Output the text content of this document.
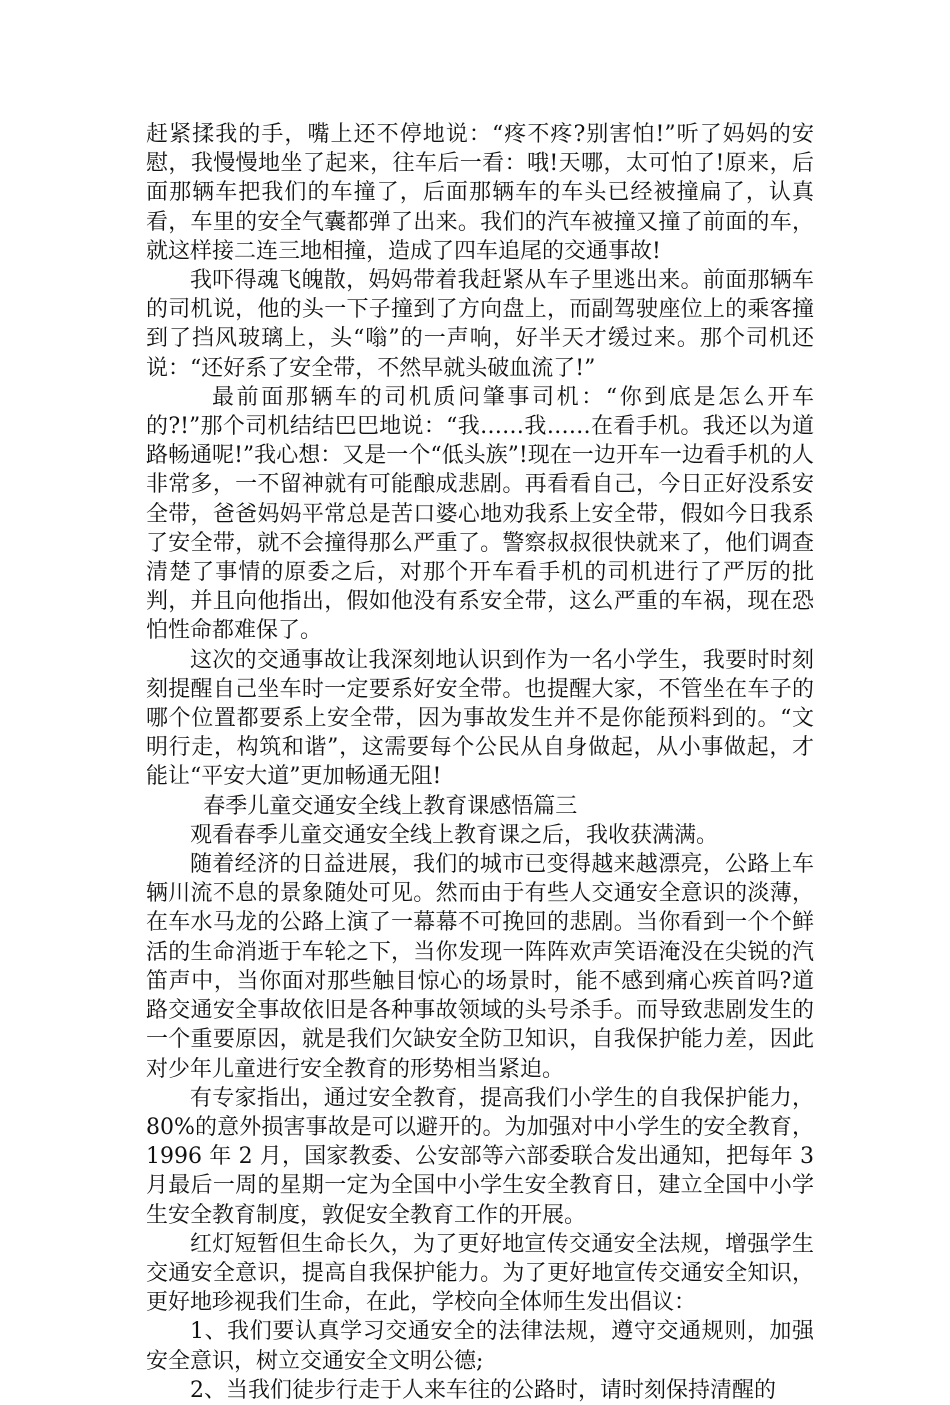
赶紧揉我的手，嘴上还不停地说：“疼不疼?别害怕!”听了妈妈的安慰，我慢慢地坐了起来，往车后一看：哦!天哪，太可怕了!原来，后面那辆车把我们的车撞了，后面那辆车的车头已经被撞扁了，认真看，车里的安全气囊都弹了出来。我们的汽车被撞又撞了前面的车，就这样接二连三地相撞，造成了四车追尾的交通事故!

我吓得魂飞魄散，妈妈带着我赶紧从车子里逃出来。前面那辆车的司机说，他的头一下子撞到了方向盘上，而副驾驶座位上的乘客撞到了挡风玻璃上，头“嗡”的一声响，好半天才缓过来。那个司机还说：“还好系了安全带，不然早就头破血流了!”

最前面那辆车的司机质问肇事司机：“你到底是怎么开车的?!”那个司机结结巴巴地说：“我……我……在看手机。我还以为道路畅通呢!”我心想：又是一个“低头族”!现在一边开车一边看手机的人非常多，一不留神就有可能酿成悲剧。再看看自己，今日正好没系安全带，爸爸妈妈平常总是苦口婆心地劝我系上安全带，假如今日我系了安全带，就不会撞得那么严重了。警察叔叔很快就来了，他们调查清楚了事情的原委之后，对那个开车看手机的司机进行了严厉的批判，并且向他指出，假如他没有系安全带，这么严重的车祸，现在恐怕性命都难保了。

这次的交通事故让我深刻地认识到作为一名小学生，我要时时刻刻提醒自己坐车时一定要系好安全带。也提醒大家，不管坐在车子的哪个位置都要系上安全带，因为事故发生并不是你能预料到的。“文明行走，构筑和谐”，这需要每个公民从自身做起，从小事做起，才能让“平安大道”更加畅通无阻!

春季儿童交通安全线上教育课感悟篇三

观看春季儿童交通安全线上教育课之后，我收获满满。

随着经济的日益进展，我们的城市已变得越来越漂亮，公路上车辆川流不息的景象随处可见。然而由于有些人交通安全意识的淡薄，在车水马龙的公路上演了一幕幕不可挽回的悲剧。当你看到一个个鲜活的生命消逝于车轮之下，当你发现一阵阵欢声笑语淹没在尖锐的汽笛声中，当你面对那些触目惊心的场景时，能不感到痛心疾首吗?道路交通安全事故依旧是各种事故领域的头号杀手。而导致悲剧发生的一个重要原因，就是我们欠缺安全防卫知识，自我保护能力差，因此对少年儿童进行安全教育的形势相当紧迫。

有专家指出，通过安全教育，提高我们小学生的自我保护能力，80%的意外损害事故是可以避开的。为加强对中小学生的安全教育，1996 年 2 月，国家教委、公安部等六部委联合发出通知，把每年 3 月最后一周的星期一定为全国中小学生安全教育日，建立全国中小学生安全教育制度，敦促安全教育工作的开展。

红灯短暂但生命长久，为了更好地宣传交通安全法规，增强学生交通安全意识，提高自我保护能力。为了更好地宣传交通安全知识，更好地珍视我们生命，在此，学校向全体师生发出倡议：

1、我们要认真学习交通安全的法律法规，遵守交通规则，加强安全意识，树立交通安全文明公德;

2、当我们徒步行走于人来车往的公路时，请时刻保持清醒的
